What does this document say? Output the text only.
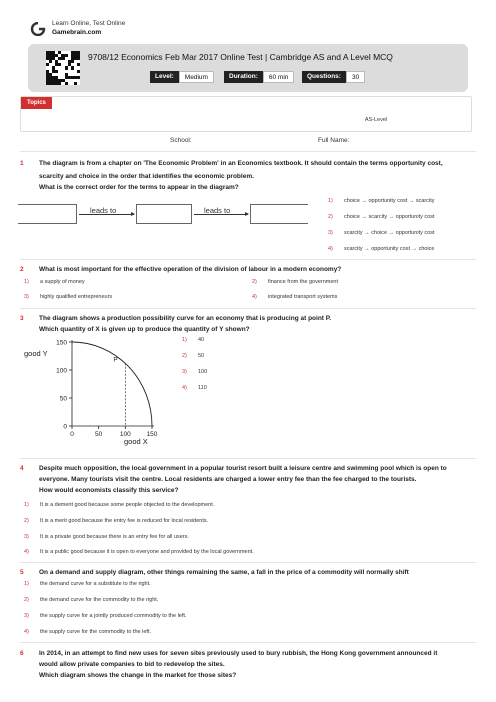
Learn Online, Test Online
Gamebrain.com
9708/12 Economics Feb Mar 2017 Online Test | Cambridge AS and A Level MCQ
Level:	Medium	Duration:	60 min	Questions:	30
Topics
AS-Level
School:	Full Name:
1 The diagram is from a chapter on 'The Economic Problem' in an Economics textbook. It should contain the terms opportunity cost,
scarcity and choice in the order that identifies the economic problem.
What is the correct order for the terms to appear in the diagram?
leads to	leads to
1) choice → opportunity cost → scarcity
2) choice → scarcity → opportunity cost
3) scarcity → choice → opportunity cost
4) scarcity → opportunity cost → choice
2 What is most important for the effective operation of the division of labour in a modern economy?
1) a supply of money	2) finance from the government
3) highly qualified entrepreneurs	4) integrated transport systems
3 The diagram shows a production possibility curve for an economy that is producing at point P.
Which quantity of X is given up to produce the quantity of Y shown?
0
50
100
150
0	50	100 150
good Y
good X
P
1) 40
2) 50
3) 100
4) 110
4 Despite much opposition, the local government in a popular tourist resort built a leisure centre and swimming pool which is open to
everyone. Many tourists visit the centre. Local residents are charged a lower entry fee than the fee charged to the tourists.
How would economists classify this service?
1) It is a demerit good because some people objected to the development.
2) It is a merit good because the entry fee is reduced for local residents.
3) It is a private good because there is an entry fee for all users.
4) It is a public good because it is open to everyone and provided by the local government.
5 On a demand and supply diagram, other things remaining the same, a fall in the price of a commodity will normally shift
1) the demand curve for a substitute to the right.
2) the demand curve for the commodity to the right.
3) the supply curve for a jointly produced commodity to the left.
4) the supply curve for the commodity to the left.
6 In 2014, in an attempt to find new uses for seven sites previously used to bury rubbish, the Hong Kong government announced it
would allow private companies to bid to redevelop the sites.
Which diagram shows the change in the market for those sites?
